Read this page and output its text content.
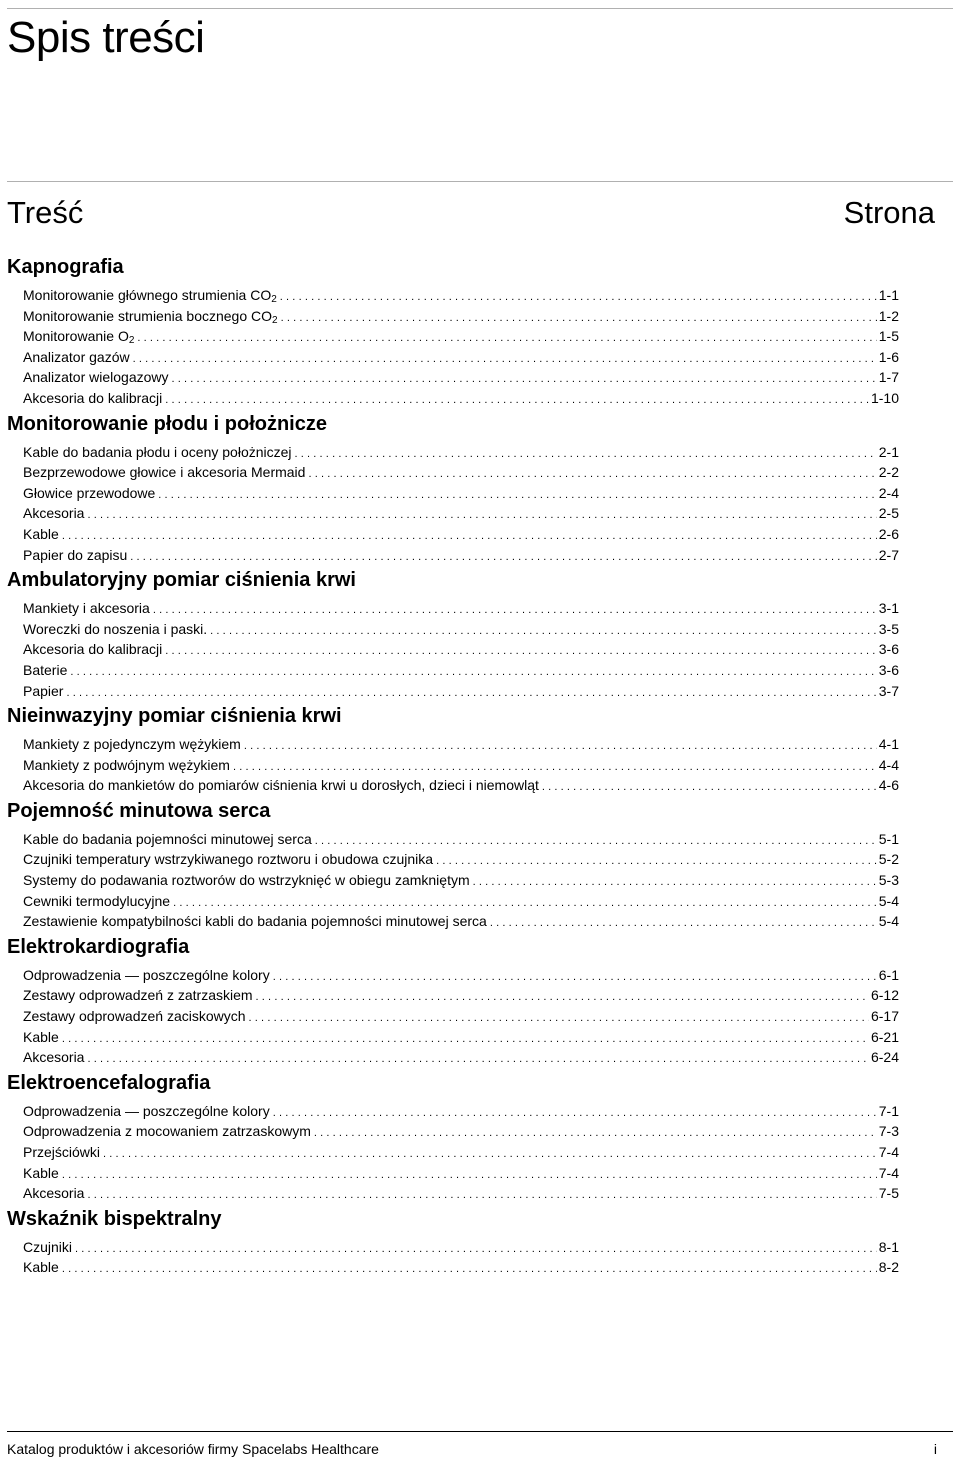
Spis treści
Treść	Strona
Kapnografia
Monitorowanie głównego strumienia $CO_2$ .....	1-1
Monitorowanie strumienia bocznego $CO_2$ .....	1-2
Monitorowanie $O_2$ .....	1-5
Analizator gazów .....	1-6
Analizator wielogazowy .....	1-7
Akcesoria do kalibracji .....	1-10
Monitorowanie płodu i położnicze
Kable do badania płodu i oceny położniczej .....	2-1
Bezprzewodowe głowice i akcesoria Mermaid .....	2-2
Głowice przewodowe .....	2-4
Akcesoria .....	2-5
Kable .....	2-6
Papier do zapisu .....	2-7
Ambulatoryjny pomiar ciśnienia krwi
Mankiety i akcesoria .....	3-1
Woreczki do noszenia i paski. .....	3-5
Akcesoria do kalibracji .....	3-6
Baterie .....	3-6
Papier .....	3-7
Nieinwazyjny pomiar ciśnienia krwi
Mankiety z pojedynczym wężykiem .....	4-1
Mankiety z podwójnym wężykiem .....	4-4
Akcesoria do mankietów do pomiarów ciśnienia krwi u dorosłych, dzieci i niemowląt .....	4-6
Pojemność minutowa serca
Kable do badania pojemności minutowej serca .....	5-1
Czujniki temperatury wstrzykiwanego roztworu i obudowa czujnika .....	5-2
Systemy do podawania roztworów do wstrzyknięć w obiegu zamkniętym .....	5-3
Cewniki termodylucyjne .....	5-4
Zestawienie kompatybilności kabli do badania pojemności minutowej serca .....	5-4
Elektrokardiografia
Odprowadzenia — poszczególne kolory .....	6-1
Zestawy odprowadzeń z zatrzaskiem .....	6-12
Zestawy odprowadzeń zaciskowych .....	6-17
Kable .....	6-21
Akcesoria .....	6-24
Elektroencefalografia
Odprowadzenia — poszczególne kolory .....	7-1
Odprowadzenia z mocowaniem zatrzaskowym .....	7-3
Przejściówki .....	7-4
Kable .....	7-4
Akcesoria .....	7-5
Wskaźnik bispektralny
Czujniki .....	8-1
Kable .....	8-2
Katalog produktów i akcesoriów firmy Spacelabs Healthcare	i
